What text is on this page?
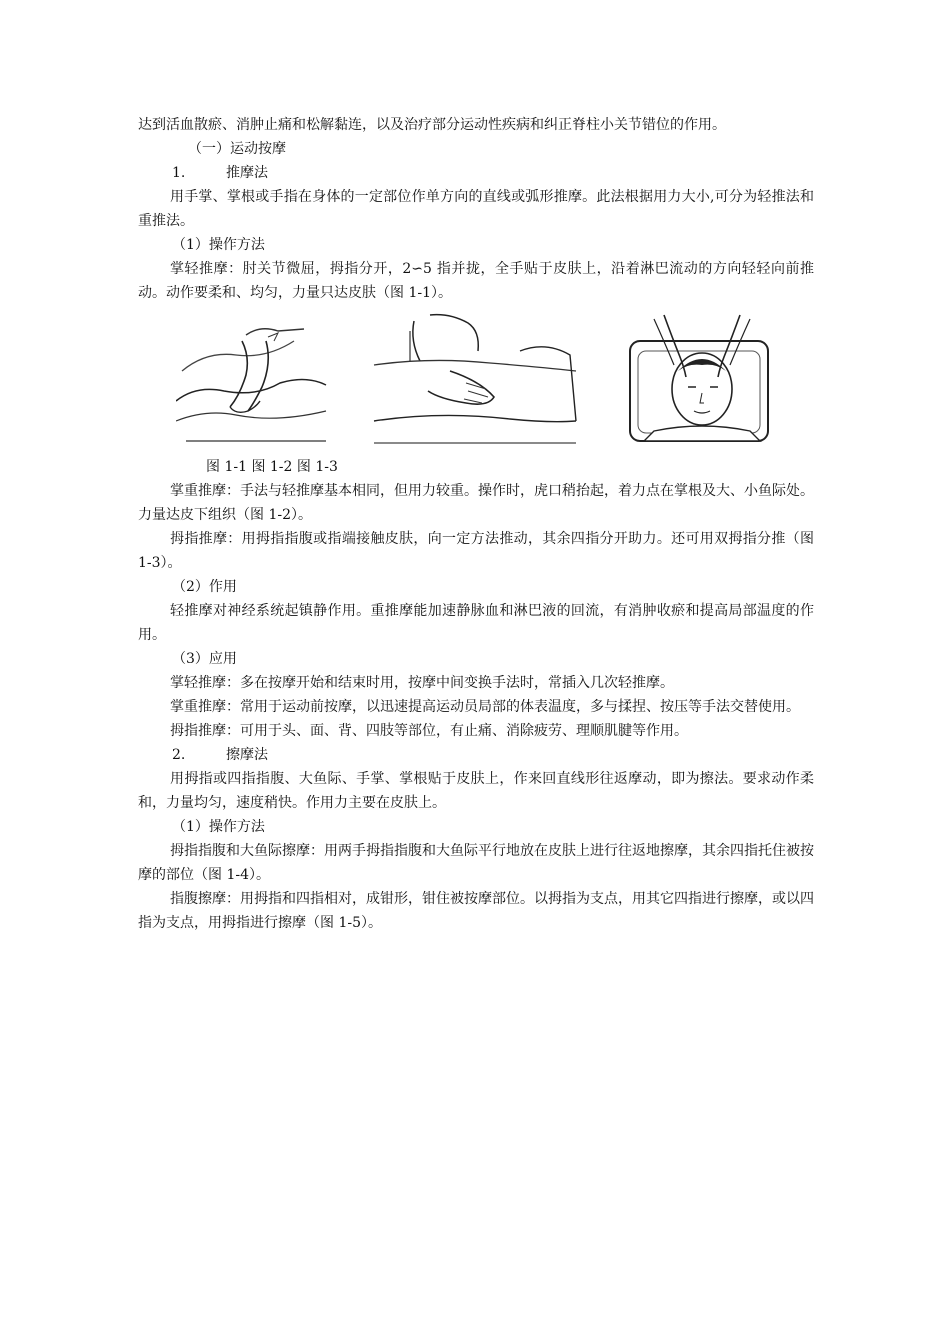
达到活血散瘀、消肿止痛和松解黏连，以及治疗部分运动性疾病和纠正脊柱小关节错位的作用。

（一）运动按摩

1.	推摩法

用手掌、掌根或手指在身体的一定部位作单方向的直线或弧形推摩。此法根据用力大小,可分为轻推法和重推法。

（1）操作方法

掌轻推摩：肘关节微屈，拇指分开，2∽5 指并拢，全手贴于皮肤上，沿着淋巴流动的方向轻轻向前推动。动作要柔和、均匀，力量只达皮肤（图 1-1）。

图 1-1 图 1-2 图 1-3

掌重推摩：手法与轻推摩基本相同，但用力较重。操作时，虎口稍抬起，着力点在掌根及大、小鱼际处。力量达皮下组织（图 1-2）。

拇指推摩：用拇指指腹或指端接触皮肤，向一定方法推动，其余四指分开助力。还可用双拇指分推（图 1-3）。

（2）作用

轻推摩对神经系统起镇静作用。重推摩能加速静脉血和淋巴液的回流，有消肿收瘀和提高局部温度的作用。

（3）应用

掌轻推摩：多在按摩开始和结束时用，按摩中间变换手法时，常插入几次轻推摩。

掌重推摩：常用于运动前按摩，以迅速提高运动员局部的体表温度，多与揉捏、按压等手法交替使用。

拇指推摩：可用于头、面、背、四肢等部位，有止痛、消除疲劳、理顺肌腱等作用。

2.	擦摩法

用拇指或四指指腹、大鱼际、手掌、掌根贴于皮肤上，作来回直线形往返摩动，即为擦法。要求动作柔和，力量均匀，速度稍快。作用力主要在皮肤上。

（1）操作方法

拇指指腹和大鱼际擦摩：用两手拇指指腹和大鱼际平行地放在皮肤上进行往返地擦摩，其余四指托住被按摩的部位（图 1-4）。

指腹擦摩：用拇指和四指相对，成钳形，钳住被按摩部位。以拇指为支点，用其它四指进行擦摩，或以四指为支点，用拇指进行擦摩（图 1-5）。
